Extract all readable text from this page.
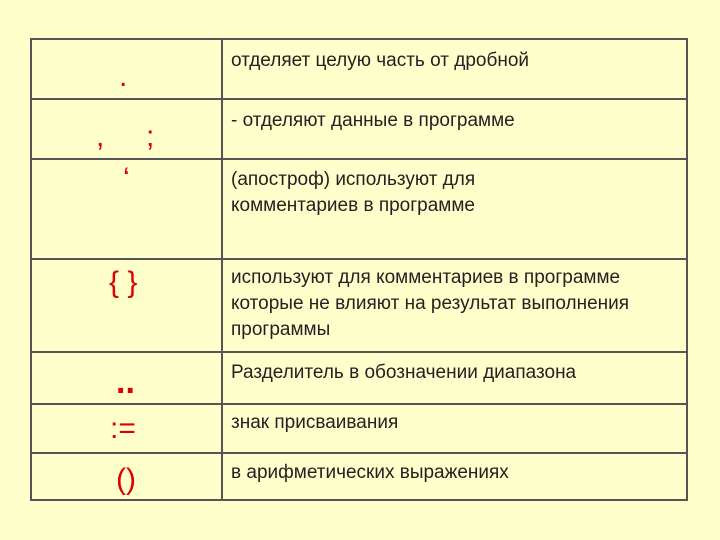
.
,     ;
‘
{ }
..
:=
()
отделяет целую часть от дробной
- отделяют данные в программе
(апостроф) используют для комментариев в программе
используют для комментариев в программе которые не влияют на результат выполнения программы
Разделитель в обозначении диапазона
знак присваивания
в арифметических выражениях
